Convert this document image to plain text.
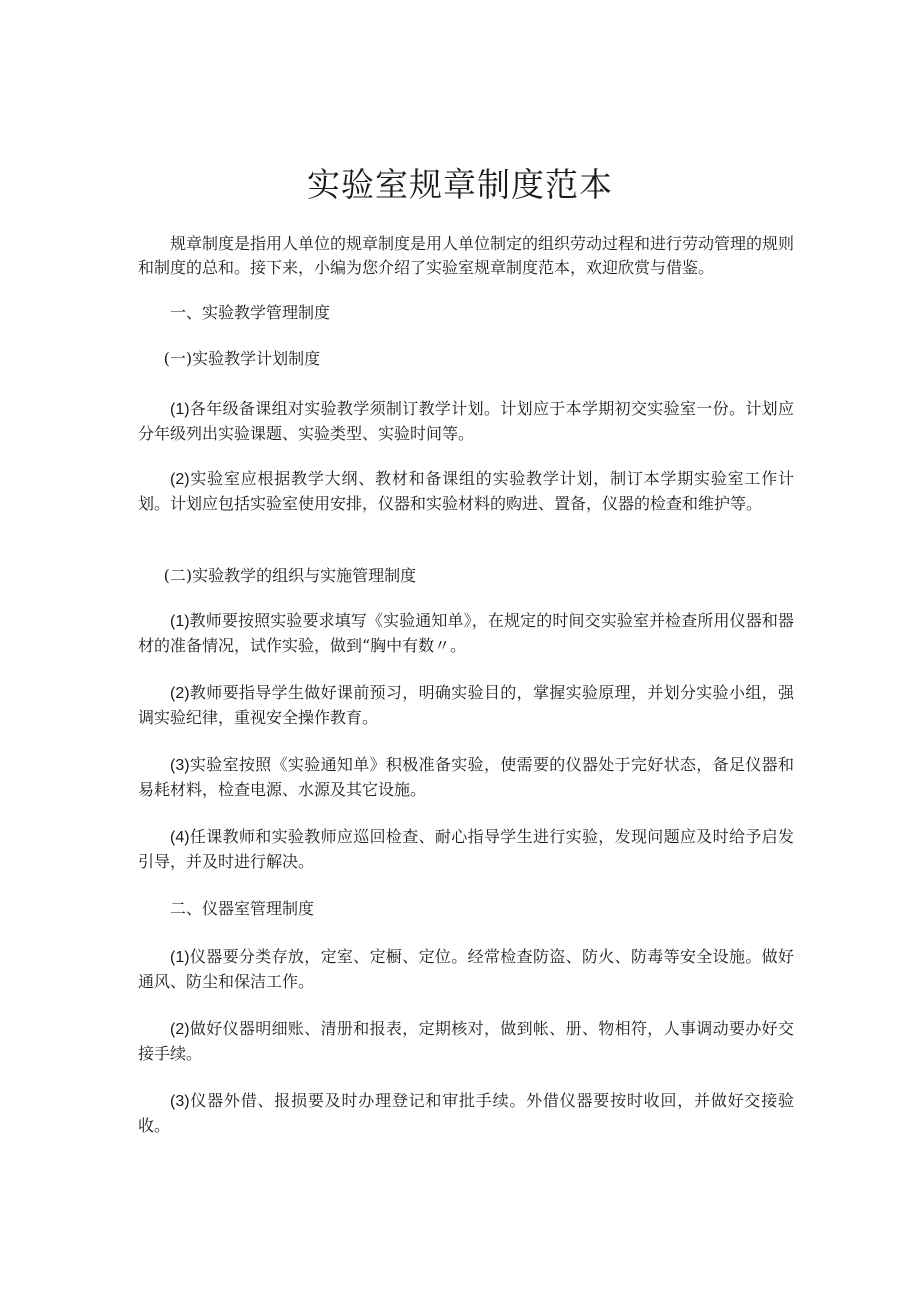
实验室规章制度范本

规章制度是指用人单位的规章制度是用人单位制定的组织劳动过程和进行劳动管理的规则和制度的总和。接下来，小编为您介绍了实验室规章制度范本，欢迎欣赏与借鉴。

一、实验教学管理制度

(一)实验教学计划制度

(1)各年级备课组对实验教学须制订教学计划。计划应于本学期初交实验室一份。计划应分年级列出实验课题、实验类型、实验时间等。

(2)实验室应根据教学大纲、教材和备课组的实验教学计划，制订本学期实验室工作计划。计划应包括实验室使用安排，仪器和实验材料的购进、置备，仪器的检查和维护等。

(二)实验教学的组织与实施管理制度

(1)教师要按照实验要求填写《实验通知单》，在规定的时间交实验室并检查所用仪器和器材的准备情况，试作实验，做到“胸中有数〃。

(2)教师要指导学生做好课前预习，明确实验目的，掌握实验原理，并划分实验小组，强调实验纪律，重视安全操作教育。

(3)实验室按照《实验通知单》积极准备实验，使需要的仪器处于完好状态，备足仪器和易耗材料，检查电源、水源及其它设施。

(4)任课教师和实验教师应巡回检查、耐心指导学生进行实验，发现问题应及时给予启发引导，并及时进行解决。

二、仪器室管理制度

(1)仪器要分类存放，定室、定橱、定位。经常检查防盗、防火、防毒等安全设施。做好通风、防尘和保洁工作。

(2)做好仪器明细账、清册和报表，定期核对，做到帐、册、物相符，人事调动要办好交接手续。

(3)仪器外借、报损要及时办理登记和审批手续。外借仪器要按时收回，并做好交接验收。
